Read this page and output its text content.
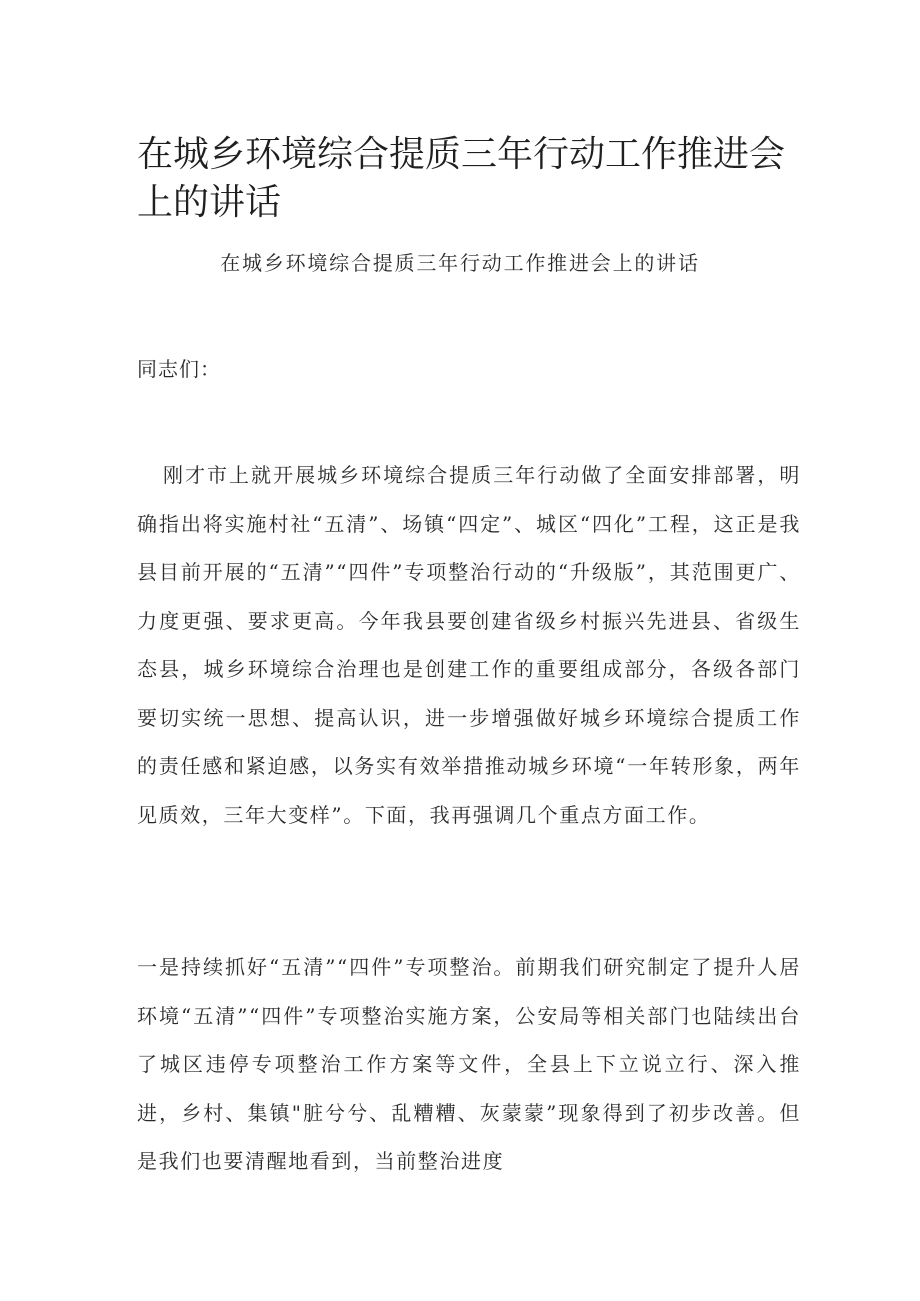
在城乡环境综合提质三年行动工作推进会上的讲话

在城乡环境综合提质三年行动工作推进会上的讲话

同志们：

刚才市上就开展城乡环境综合提质三年行动做了全面安排部署，明确指出将实施村社“五清”、场镇“四定”、城区“四化”工程，这正是我县目前开展的“五清”“四件”专项整治行动的“升级版”，其范围更广、力度更强、要求更高。今年我县要创建省级乡村振兴先进县、省级生态县，城乡环境综合治理也是创建工作的重要组成部分，各级各部门要切实统一思想、提高认识，进一步增强做好城乡环境综合提质工作的责任感和紧迫感，以务实有效举措推动城乡环境“一年转形象，两年见质效，三年大变样”。下面，我再强调几个重点方面工作。

一是持续抓好“五清”“四件”专项整治。前期我们研究制定了提升人居环境“五清”“四件”专项整治实施方案，公安局等相关部门也陆续出台了城区违停专项整治工作方案等文件，全县上下立说立行、深入推进，乡村、集镇"脏兮兮、乱糟糟、灰蒙蒙”现象得到了初步改善。但是我们也要清醒地看到，当前整治进度
